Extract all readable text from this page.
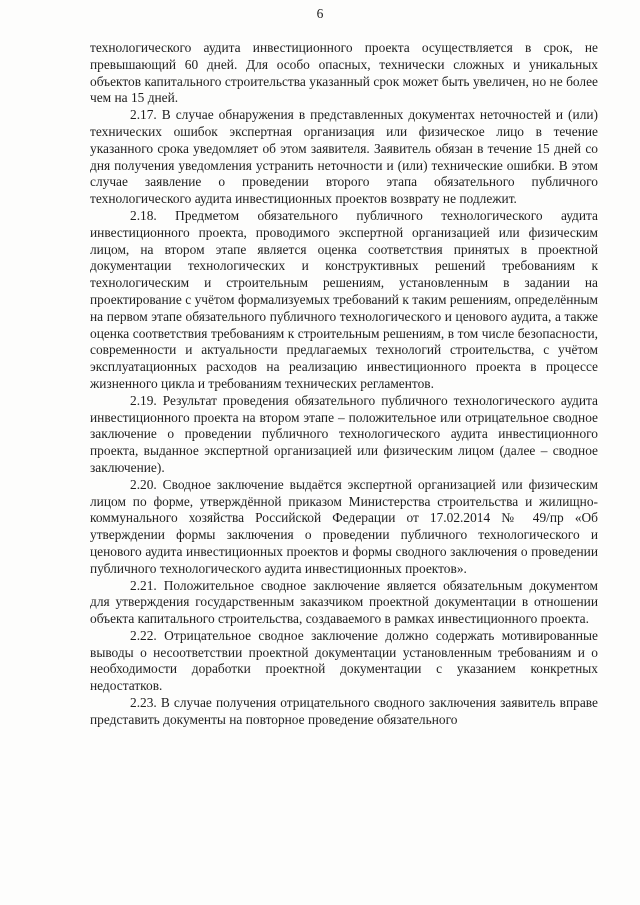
6

технологического аудита инвестиционного проекта осуществляется в срок, не превышающий 60 дней. Для особо опасных, технически сложных и уникальных объектов капитального строительства указанный срок может быть увеличен, но не более чем на 15 дней.

2.17. В случае обнаружения в представленных документах неточностей и (или) технических ошибок экспертная организация или физическое лицо в течение указанного срока уведомляет об этом заявителя. Заявитель обязан в течение 15 дней со дня получения уведомления устранить неточности и (или) технические ошибки. В этом случае заявление о проведении второго этапа обязательного публичного технологического аудита инвестиционных проектов возврату не подлежит.

2.18. Предметом обязательного публичного технологического аудита инвестиционного проекта, проводимого экспертной организацией или физическим лицом, на втором этапе является оценка соответствия принятых в проектной документации технологических и конструктивных решений требованиям к технологическим и строительным решениям, установленным в задании на проектирование с учётом формализуемых требований к таким решениям, определённым на первом этапе обязательного публичного технологического и ценового аудита, а также оценка соответствия требованиям к строительным решениям, в том числе безопасности, современности и актуальности предлагаемых технологий строительства, с учётом эксплуатационных расходов на реализацию инвестиционного проекта в процессе жизненного цикла и требованиям технических регламентов.

2.19. Результат проведения обязательного публичного технологического аудита инвестиционного проекта на втором этапе – положительное или отрицательное сводное заключение о проведении публичного технологического аудита инвестиционного проекта, выданное экспертной организацией или физическим лицом (далее – сводное заключение).

2.20. Сводное заключение выдаётся экспертной организацией или физическим лицом по форме, утверждённой приказом Министерства строительства и жилищно-коммунального хозяйства Российской Федерации от 17.02.2014 № 49/пр «Об утверждении формы заключения о проведении публичного технологического и ценового аудита инвестиционных проектов и формы сводного заключения о проведении публичного технологического аудита инвестиционных проектов».

2.21. Положительное сводное заключение является обязательным документом для утверждения государственным заказчиком проектной документации в отношении объекта капитального строительства, создаваемого в рамках инвестиционного проекта.

2.22. Отрицательное сводное заключение должно содержать мотивированные выводы о несоответствии проектной документации установленным требованиям и о необходимости доработки проектной документации с указанием конкретных недостатков.

2.23. В случае получения отрицательного сводного заключения заявитель вправе представить документы на повторное проведение обязательного
